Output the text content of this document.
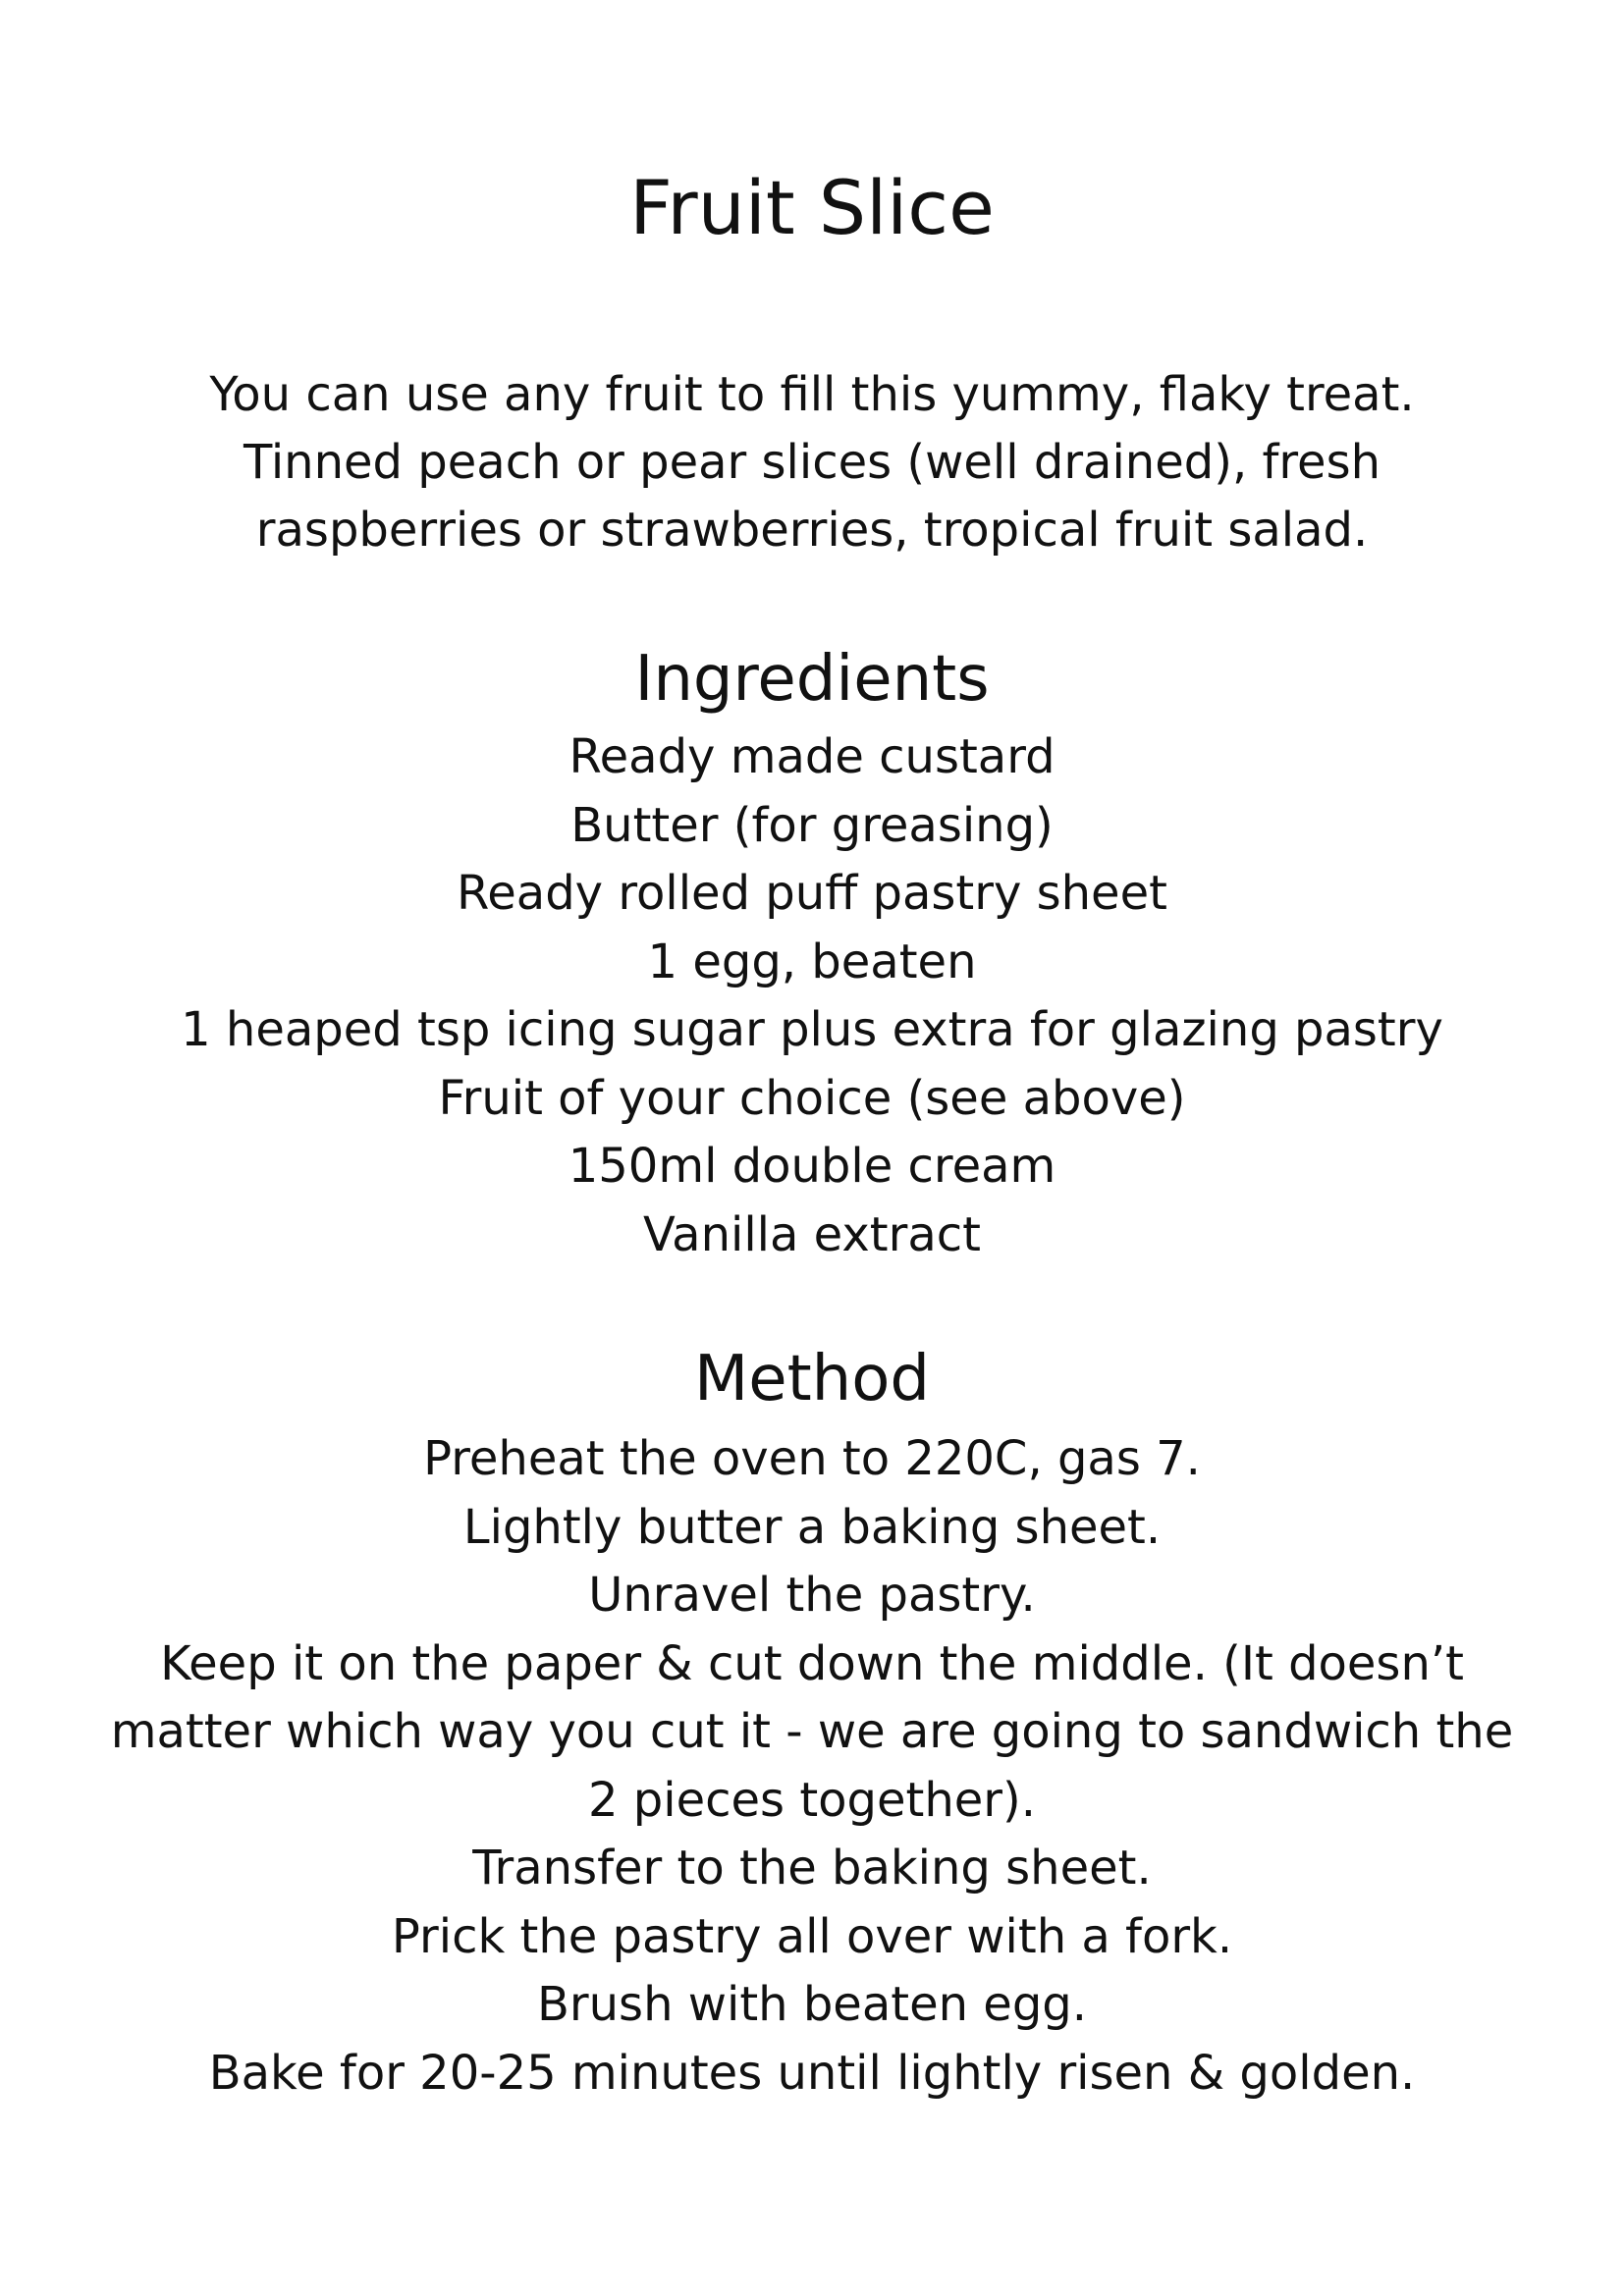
Fruit Slice

You can use any fruit to fill this yummy, flaky treat.
Tinned peach or pear slices (well drained), fresh
raspberries or strawberries, tropical fruit salad.

Ingredients
Ready made custard
Butter (for greasing)
Ready rolled puff pastry sheet
1 egg, beaten
1 heaped tsp icing sugar plus extra for glazing pastry
Fruit of your choice (see above)
150ml double cream
Vanilla extract
Method
Preheat the oven to 220C, gas 7.
Lightly butter a baking sheet.
Unravel the pastry.
Keep it on the paper & cut down the middle. (It doesn’t
matter which way you cut it - we are going to sandwich the
2 pieces together).
Transfer to the baking sheet.
Prick the pastry all over with a fork.
Brush with beaten egg.
Bake for 20-25 minutes until lightly risen & golden.
